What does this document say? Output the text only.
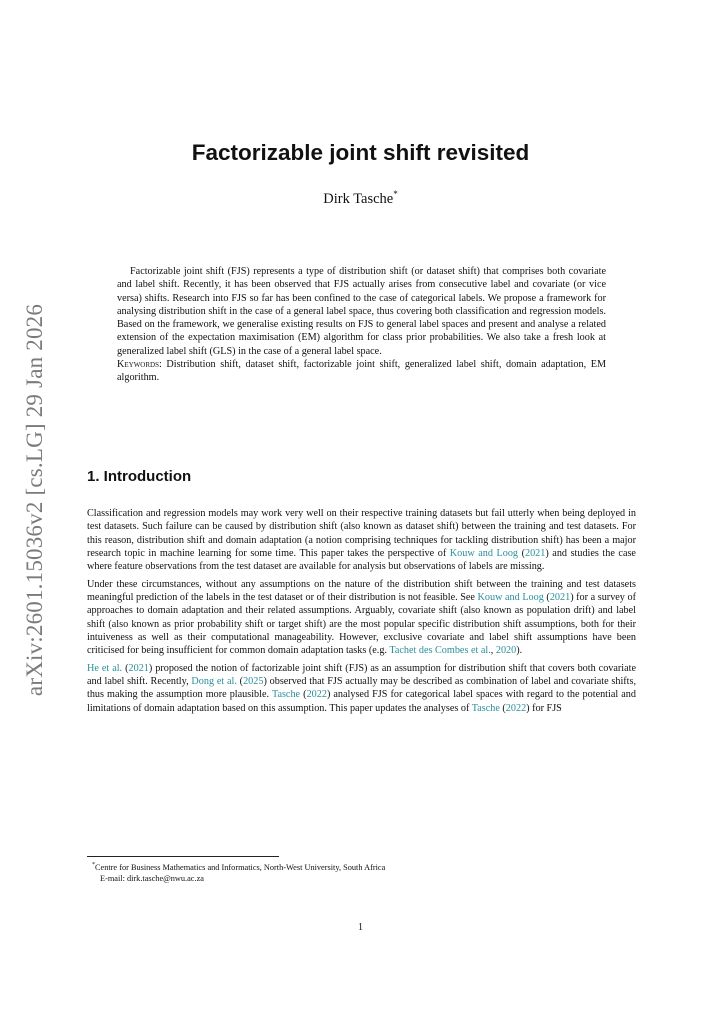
arXiv:2601.15036v2 [cs.LG] 29 Jan 2026
Factorizable joint shift revisited
Dirk Tasche*

Factorizable joint shift (FJS) represents a type of distribution shift (or dataset shift) that comprises both covariate and label shift. Recently, it has been observed that FJS actually arises from consecutive label and covariate (or vice versa) shifts. Research into FJS so far has been confined to the case of categorical labels. We propose a framework for analysing distribution shift in the case of a general label space, thus covering both classification and regression models. Based on the framework, we generalise existing results on FJS to general label spaces and present and analyse a related extension of the expectation maximisation (EM) algorithm for class prior probabilities. We also take a fresh look at generalized label shift (GLS) in the case of a general label space.

Keywords: Distribution shift, dataset shift, factorizable joint shift, generalized label shift, domain adaptation, EM algorithm.
1. Introduction

Classification and regression models may work very well on their respective training datasets but fail utterly when being deployed in test datasets. Such failure can be caused by distribution shift (also known as dataset shift) between the training and test datasets. For this reason, distribution shift and domain adaptation (a notion comprising techniques for tackling distribution shift) has been a major research topic in machine learning for some time. This paper takes the perspective of Kouw and Loog (2021) and studies the case where feature observations from the test dataset are available for analysis but observations of labels are missing.

Under these circumstances, without any assumptions on the nature of the distribution shift between the training and test datasets meaningful prediction of the labels in the test dataset or of their distribution is not feasible. See Kouw and Loog (2021) for a survey of approaches to domain adaptation and their related assumptions. Arguably, covariate shift (also known as population drift) and label shift (also known as prior probability shift or target shift) are the most popular specific distribution shift assumptions, both for their intuiveness as well as their computational manageability. However, exclusive covariate and label shift assumptions have been criticised for being insufficient for common domain adaptation tasks (e.g. Tachet des Combes et al., 2020).

He et al. (2021) proposed the notion of factorizable joint shift (FJS) as an assumption for distribution shift that covers both covariate and label shift. Recently, Dong et al. (2025) observed that FJS actually may be described as combination of label and covariate shifts, thus making the assumption more plausible. Tasche (2022) analysed FJS for categorical label spaces with regard to the potential and limitations of domain adaptation based on this assumption. This paper updates the analyses of Tasche (2022) for FJS

*Centre for Business Mathematics and Informatics, North-West University, South Africa
E-mail: dirk.tasche@nwu.ac.za
1
